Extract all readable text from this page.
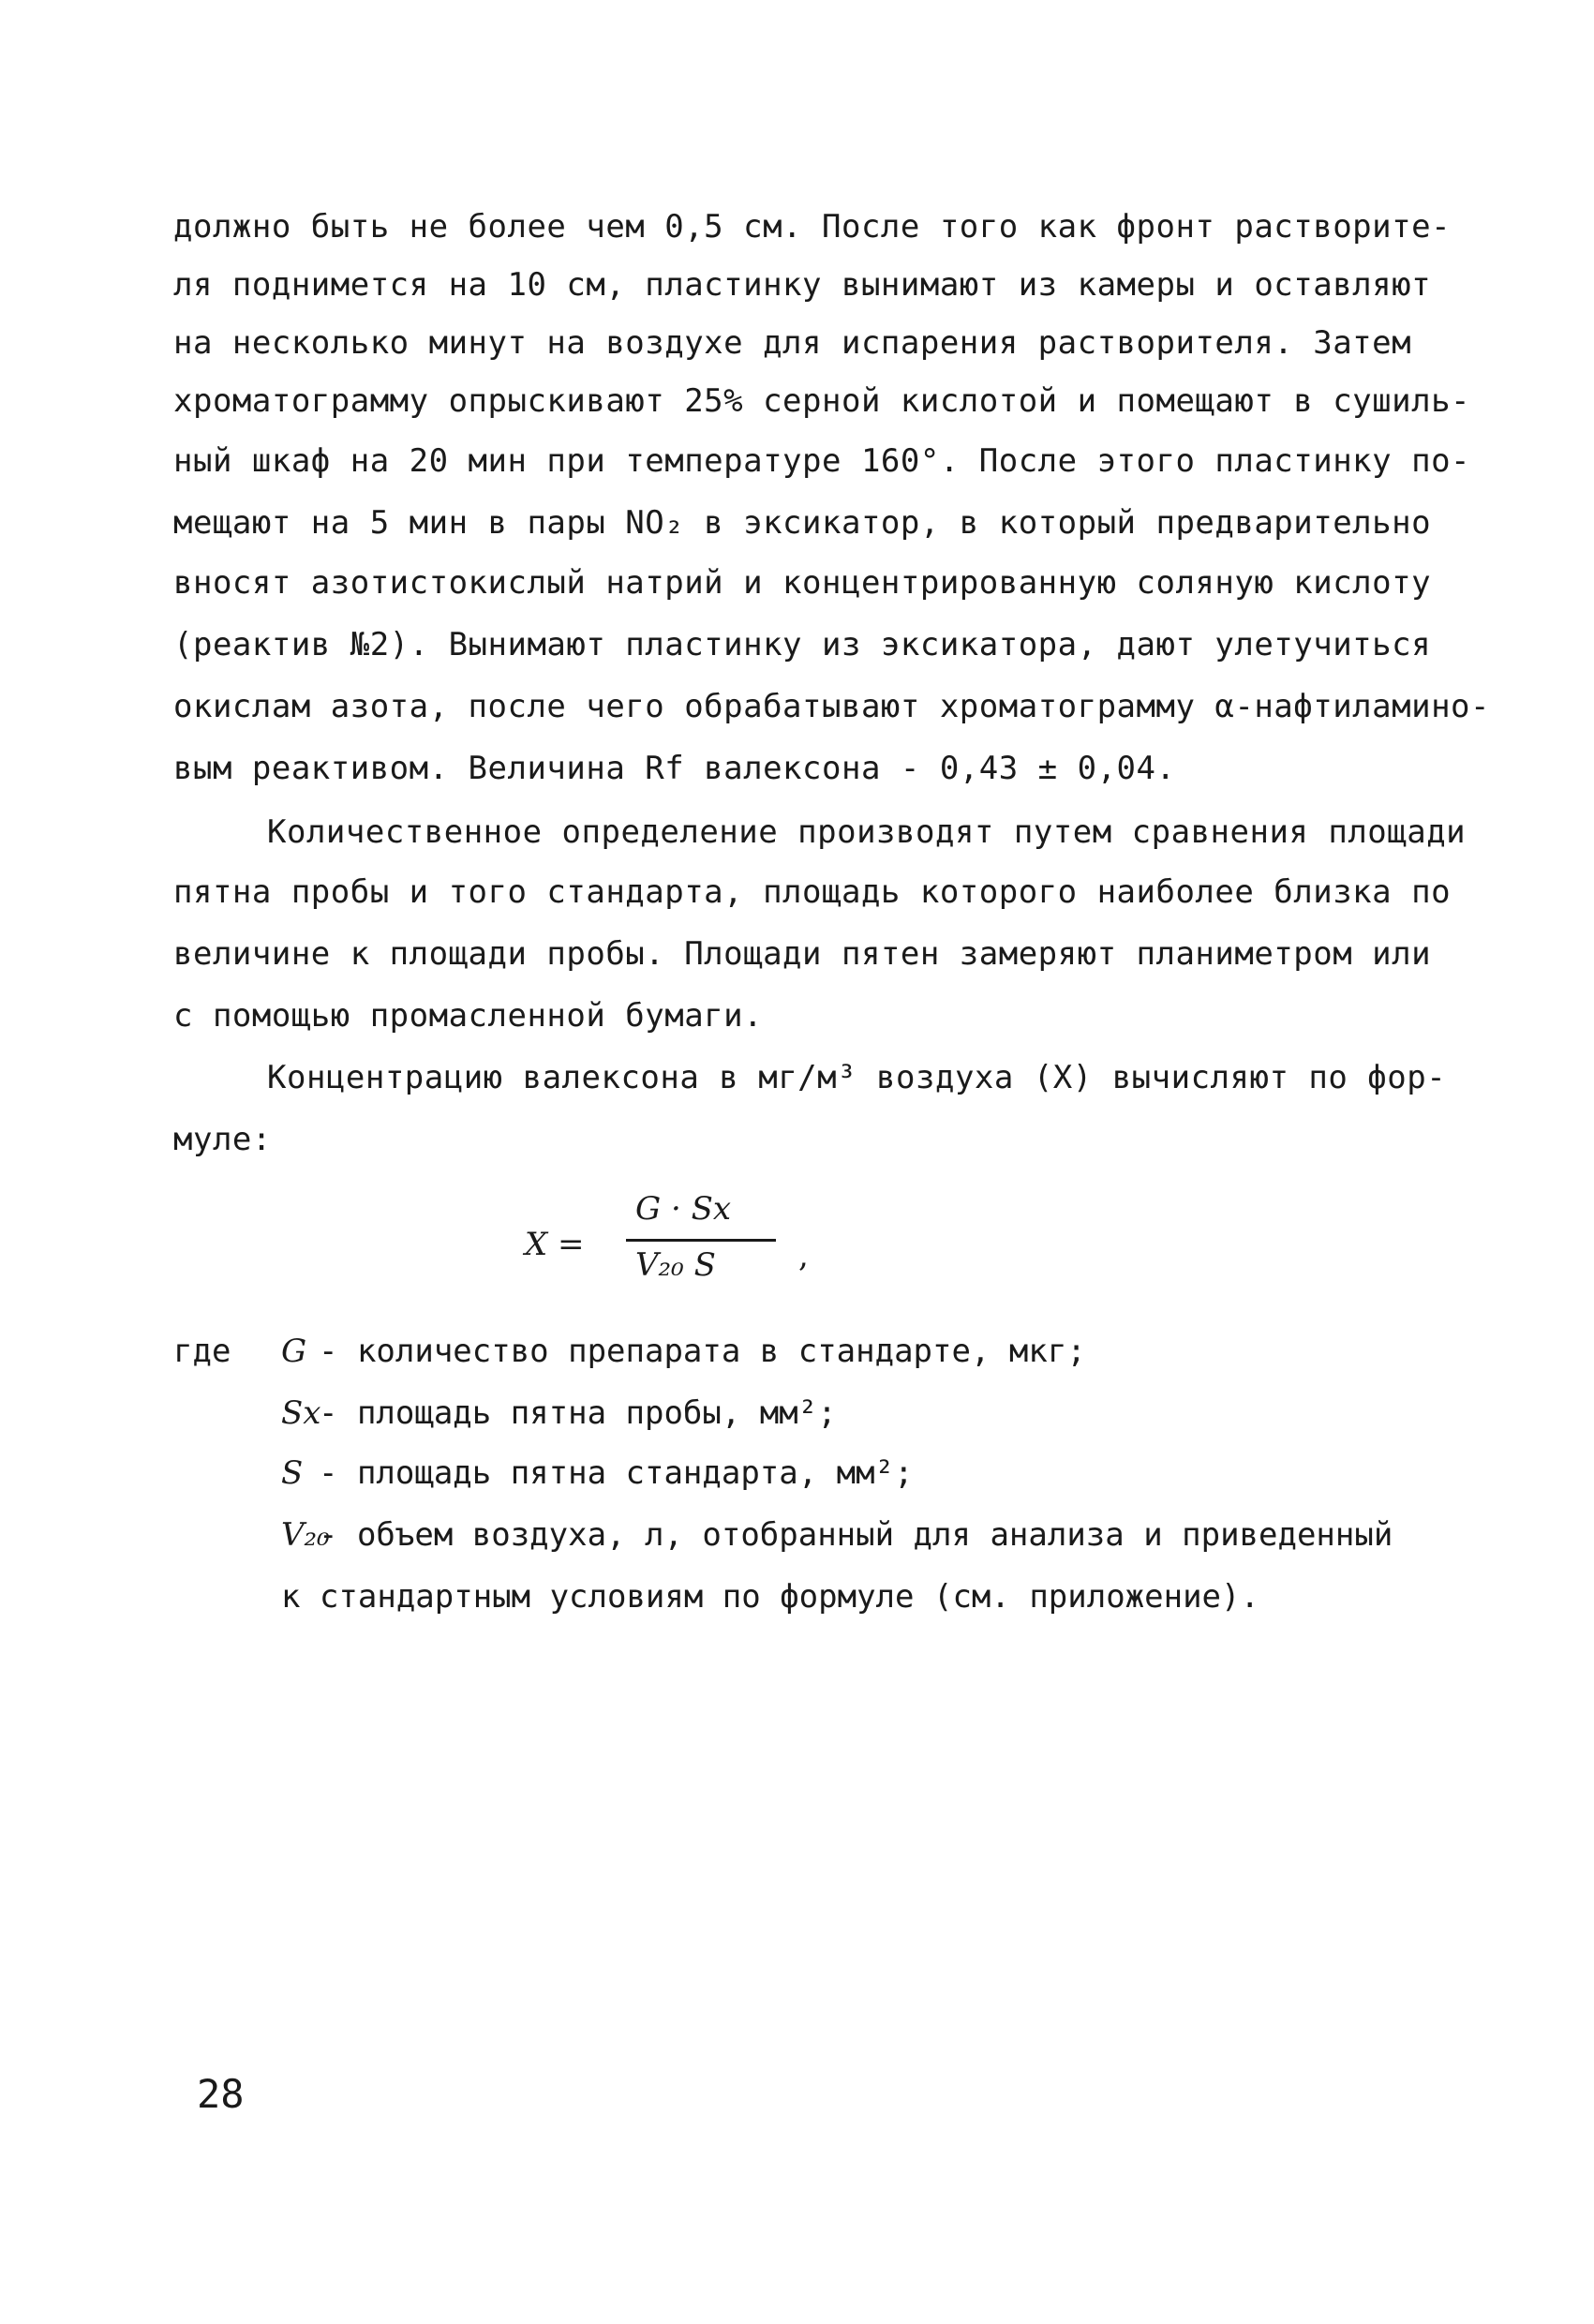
должно быть не более чем 0,5 см. После того как фронт растворите-
ля поднимется на 10 см, пластинку вынимают из камеры и оставляют
на несколько минут на воздухе для испарения растворителя. Затем
хроматограмму опрыскивают 25% серной кислотой и помещают в сушиль-
ный шкаф на 20 мин при температуре 160°. После этого пластинку по-
мещают на 5 мин в пары NO₂ в эксикатор, в который предварительно
вносят азотистокислый натрий и концентрированную соляную кислоту
(реактив №2). Вынимают пластинку из эксикатора, дают улетучиться
окислам азота, после чего обрабатывают хроматограмму α-нафтиламино-
вым реактивом. Величина Rf валексона - 0,43 ± 0,04.
Количественное определение производят путем сравнения площади
пятна пробы и того стандарта, площадь которого наиболее близка по
величине к площади пробы. Площади пятен замеряют планиметром или
с помощью промасленной бумаги.
Концентрацию валексона в мг/м³ воздуха (X) вычисляют по фор-
муле:
X =
G · Sx
V₂₀ S	,
где G - количество препарата в стандарте, мкг;
Sx
- площадь пятна пробы, мм²;
S - площадь пятна стандарта, мм²;
V₂₀
- объем воздуха, л, отобранный для анализа и приведенный
к стандартным условиям по формуле (см. приложение).
28
